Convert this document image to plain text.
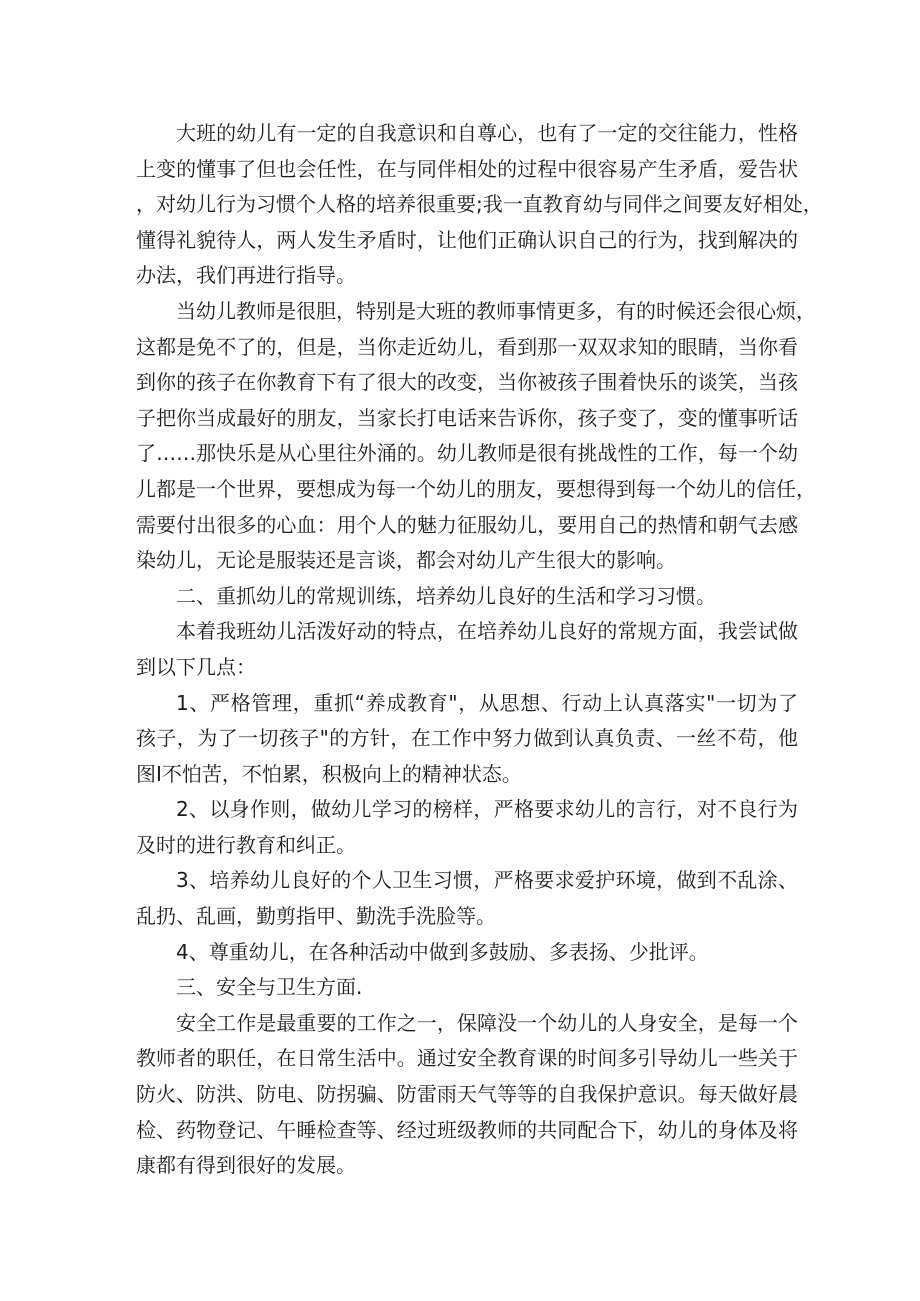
大班的幼儿有一定的自我意识和自尊心，也有了一定的交往能力，性格
上变的懂事了但也会任性，在与同伴相处的过程中很容易产生矛盾，爱告状
，对幼儿行为习惯个人格的培养很重要;我一直教育幼与同伴之间要友好相处，
懂得礼貌待人，两人发生矛盾时，让他们正确认识自己的行为，找到解决的
办法，我们再进行指导。
当幼儿教师是很胆，特别是大班的教师事情更多，有的时候还会很心烦，
这都是免不了的，但是，当你走近幼儿，看到那一双双求知的眼睛，当你看
到你的孩子在你教育下有了很大的改变，当你被孩子围着快乐的谈笑，当孩
子把你当成最好的朋友，当家长打电话来告诉你，孩子变了，变的懂事听话
了……那快乐是从心里往外涌的。幼儿教师是很有挑战性的工作，每一个幼
儿都是一个世界，要想成为每一个幼儿的朋友，要想得到每一个幼儿的信任，
需要付出很多的心血：用个人的魅力征服幼儿，要用自己的热情和朝气去感
染幼儿，无论是服装还是言谈，都会对幼儿产生很大的影响。
二、重抓幼儿的常规训练，培养幼儿良好的生活和学习习惯。
本着我班幼儿活泼好动的特点，在培养幼儿良好的常规方面，我尝试做
到以下几点：
1、严格管理，重抓“养成教育"，从思想、行动上认真落实"一切为了
孩子，为了一切孩子"的方针，在工作中努力做到认真负责、一丝不苟，他
图I不怕苦，不怕累，积极向上的精神状态。
2、以身作则，做幼儿学习的榜样，严格要求幼儿的言行，对不良行为
及时的进行教育和纠正。
3、培养幼儿良好的个人卫生习惯，严格要求爱护环境，做到不乱涂、
乱扔、乱画，勤剪指甲、勤洗手洗脸等。
4、尊重幼儿，在各种活动中做到多鼓励、多表扬、少批评。
三、安全与卫生方面.
安全工作是最重要的工作之一，保障没一个幼儿的人身安全，是每一个
教师者的职任，在日常生活中。通过安全教育课的时间多引导幼儿一些关于
防火、防洪、防电、防拐骗、防雷雨天气等等的自我保护意识。每天做好晨
检、药物登记、午睡检查等、经过班级教师的共同配合下，幼儿的身体及将
康都有得到很好的发展。
